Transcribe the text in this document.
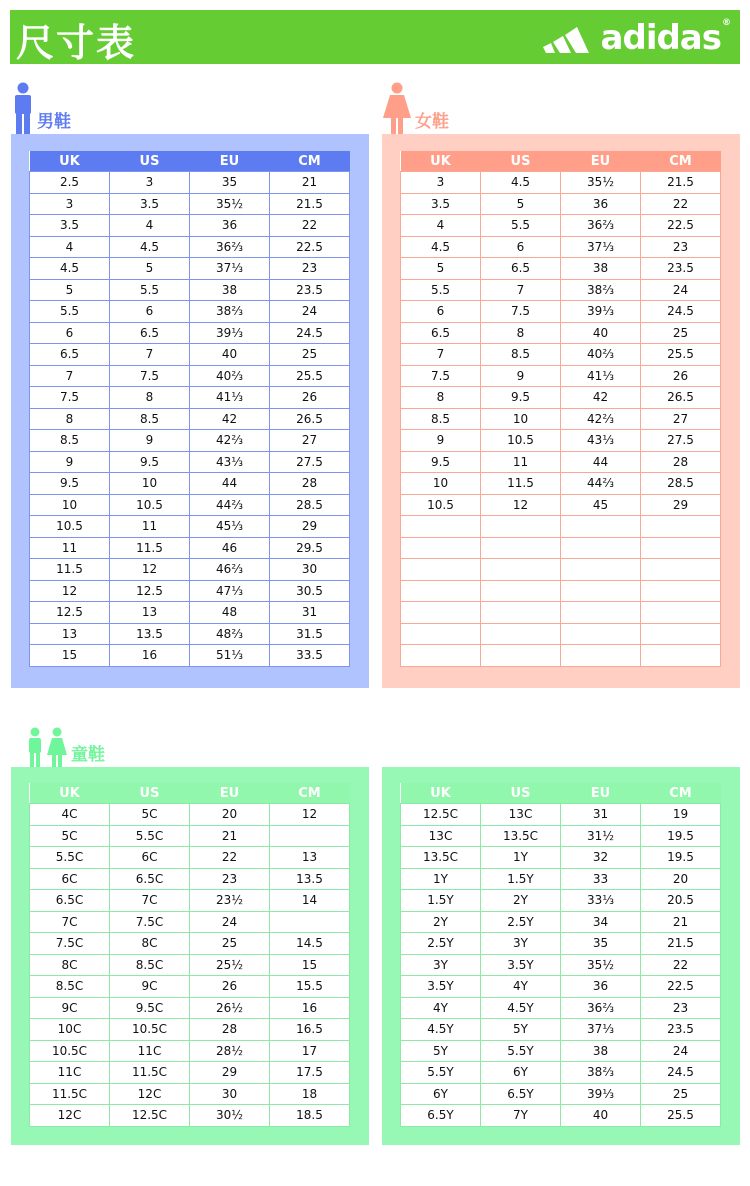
尺寸表	adidas®
男鞋	女鞋
UK	US	EU	CM
2.5	3	35	21
3	3.5	35½	21.5
3.5	4	36	22
4	4.5	36⅔	22.5
4.5	5	37⅓	23
5	5.5	38	23.5
5.5	6	38⅔	24
6	6.5	39⅓	24.5
6.5	7	40	25
7	7.5	40⅔	25.5
7.5	8	41⅓	26
8	8.5	42	26.5
8.5	9	42⅔	27
9	9.5	43⅓	27.5
9.5	10	44	28
10	10.5	44⅔	28.5
10.5	11	45⅓	29
11	11.5	46	29.5
11.5	12	46⅔	30
12	12.5	47⅓	30.5
12.5	13	48	31
13	13.5	48⅔	31.5
15	16	51⅓	33.5
UK	US	EU	CM
3	4.5	35½	21.5
3.5	5	36	22
4	5.5	36⅔	22.5
4.5	6	37⅓	23
5	6.5	38	23.5
5.5	7	38⅔	24
6	7.5	39⅓	24.5
6.5	8	40	25
7	8.5	40⅔	25.5
7.5	9	41⅓	26
8	9.5	42	26.5
8.5	10	42⅔	27
9	10.5	43⅓	27.5
9.5	11	44	28
10	11.5	44⅔	28.5
10.5	12	45	29

童鞋
UK	US	EU	CM
4C	5C	20	12
5C	5.5C	21	
5.5C	6C	22	13
6C	6.5C	23	13.5
6.5C	7C	23½	14
7C	7.5C	24	
7.5C	8C	25	14.5
8C	8.5C	25½	15
8.5C	9C	26	15.5
9C	9.5C	26½	16
10C	10.5C	28	16.5
10.5C	11C	28½	17
11C	11.5C	29	17.5
11.5C	12C	30	18
12C	12.5C	30½	18.5
UK	US	EU	CM
12.5C	13C	31	19
13C	13.5C	31½	19.5
13.5C	1Y	32	19.5
1Y	1.5Y	33	20
1.5Y	2Y	33⅓	20.5
2Y	2.5Y	34	21
2.5Y	3Y	35	21.5
3Y	3.5Y	35½	22
3.5Y	4Y	36	22.5
4Y	4.5Y	36⅔	23
4.5Y	5Y	37⅓	23.5
5Y	5.5Y	38	24
5.5Y	6Y	38⅔	24.5
6Y	6.5Y	39⅓	25
6.5Y	7Y	40	25.5
